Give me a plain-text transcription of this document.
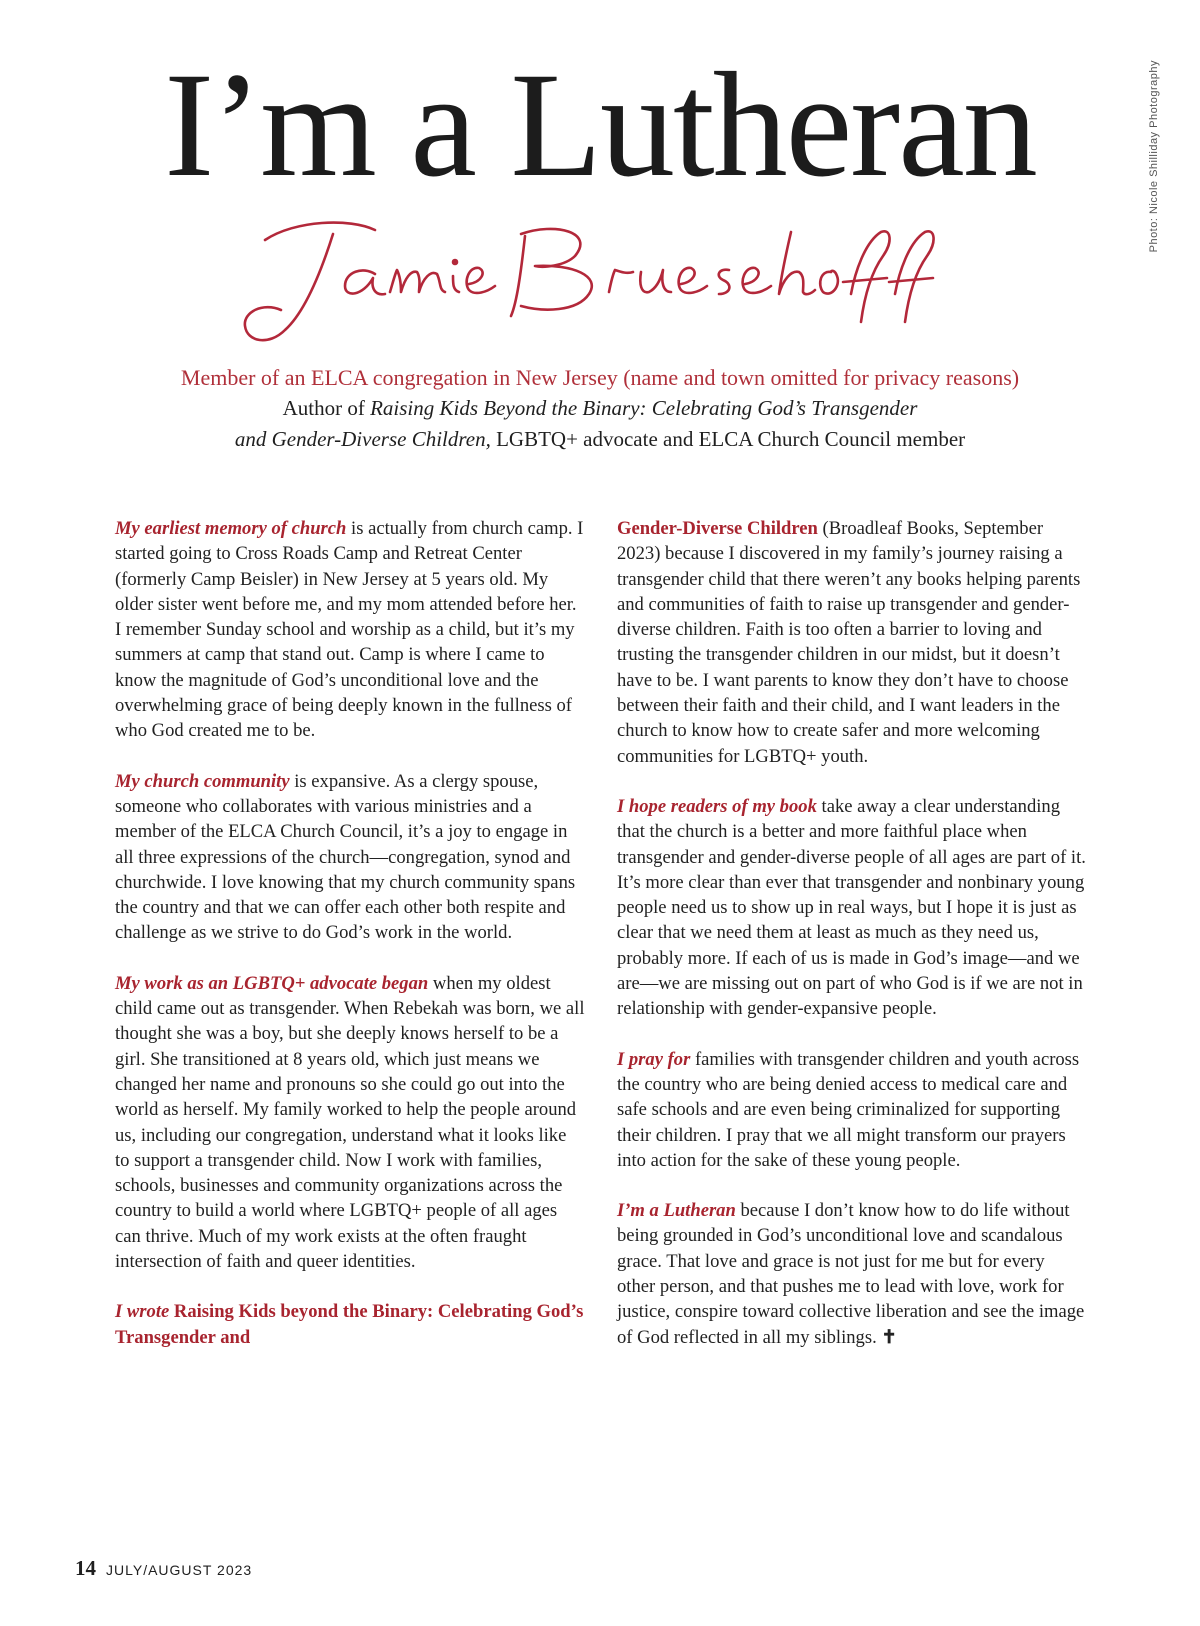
I’m a Lutheran	Photo: Nicole Shilliday Photography
Member of an ELCA congregation in New Jersey (name and town omitted for privacy reasons)
Author of Raising Kids Beyond the Binary: Celebrating God’s Transgender
and Gender-Diverse Children, LGBTQ+ advocate and ELCA Church Council member

My earliest memory of church is actually from church camp. I started going to Cross Roads Camp and Retreat Center (formerly Camp Beisler) in New Jersey at 5 years old. My older sister went before me, and my mom attended before her. I remember Sunday school and worship as a child, but it’s my summers at camp that stand out. Camp is where I came to know the magnitude of God’s unconditional love and the overwhelming grace of being deeply known in the fullness of who God created me to be.

My church community is expansive. As a clergy spouse, someone who collaborates with various ministries and a member of the ELCA Church Council, it’s a joy to engage in all three expressions of the church—congregation, synod and churchwide. I love knowing that my church community spans the country and that we can offer each other both respite and challenge as we strive to do God’s work in the world.

My work as an LGBTQ+ advocate began when my oldest child came out as transgender. When Rebekah was born, we all thought she was a boy, but she deeply knows herself to be a girl. She transitioned at 8 years old, which just means we changed her name and pronouns so she could go out into the world as herself. My family worked to help the people around us, including our congregation, understand what it looks like to support a transgender child. Now I work with families, schools, businesses and community organizations across the country to build a world where LGBTQ+ people of all ages can thrive. Much of my work exists at the often fraught intersection of faith and queer identities.

I wrote Raising Kids beyond the Binary: Celebrating God’s Transgender and

Gender-Diverse Children (Broadleaf Books, September 2023) because I discovered in my family’s journey raising a transgender child that there weren’t any books helping parents and communities of faith to raise up transgender and gender-diverse children. Faith is too often a barrier to loving and trusting the transgender children in our midst, but it doesn’t have to be. I want parents to know they don’t have to choose between their faith and their child, and I want leaders in the church to know how to create safer and more welcoming communities for LGBTQ+ youth.

I hope readers of my book take away a clear understanding that the church is a better and more faithful place when transgender and gender-diverse people of all ages are part of it. It’s more clear than ever that transgender and nonbinary young people need us to show up in real ways, but I hope it is just as clear that we need them at least as much as they need us, probably more. If each of us is made in God’s image—and we are—we are missing out on part of who God is if we are not in relationship with gender-expansive people.

I pray for families with transgender children and youth across the country who are being denied access to medical care and safe schools and are even being criminalized for supporting their children. I pray that we all might transform our prayers into action for the sake of these young people.

I’m a Lutheran because I don’t know how to do life without being grounded in God’s unconditional love and scandalous grace. That love and grace is not just for me but for every other person, and that pushes me to lead with love, work for justice, conspire toward collective liberation and see the image of God reflected in all my siblings. ✝

14 JULY/AUGUST 2023
